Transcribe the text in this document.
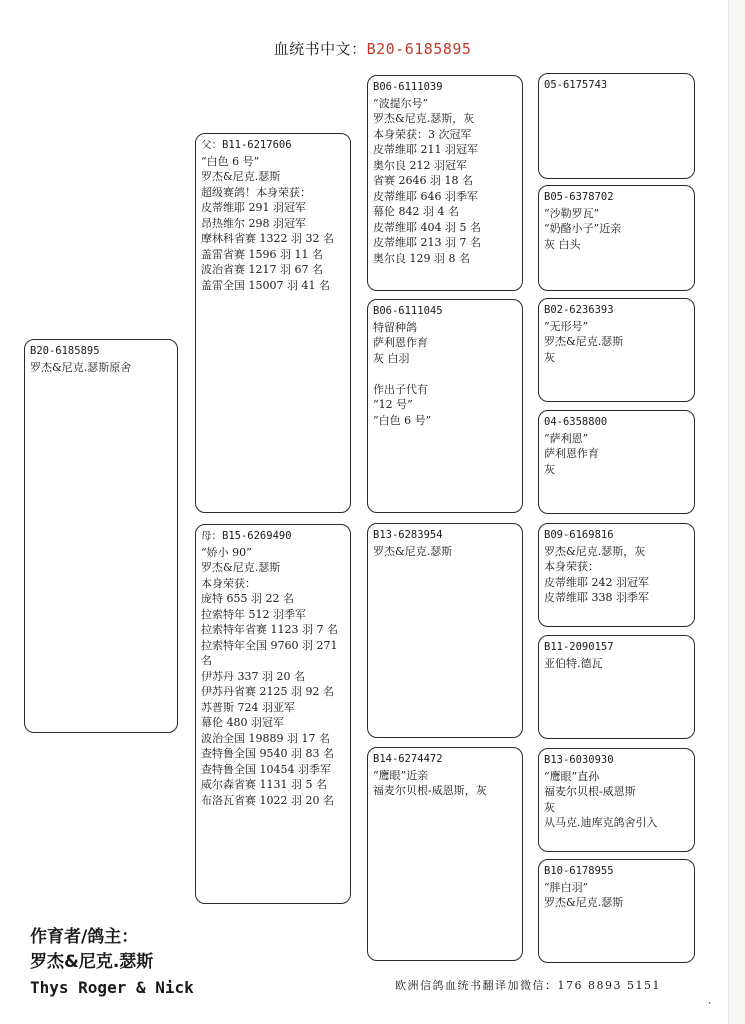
血统书中文：B20-6185895
B20-6185895
罗杰&尼克.瑟斯原舍
父：B11-6217606
“白色 6 号”
罗杰&尼克.瑟斯
超级赛鸽！本身荣获：
皮蒂维耶 291 羽冠军
昂热维尔 298 羽冠军
摩林科省赛 1322 羽 32 名
盖雷省赛 1596 羽 11 名
波治省赛 1217 羽 67 名
盖雷全国 15007 羽 41 名
母：B15-6269490
“娇小 90”
罗杰&尼克.瑟斯
本身荣获：
庞特 655 羽 22 名
拉索特年 512 羽季军
拉索特年省赛 1123 羽 7 名
拉索特年全国 9760 羽 271 名
伊苏丹 337 羽 20 名
伊苏丹省赛 2125 羽 92 名
苏普斯 724 羽亚军
幕伦 480 羽冠军
波治全国 19889 羽 17 名
查特鲁全国 9540 羽 83 名
查特鲁全国 10454 羽季军
威尔森省赛 1131 羽 5 名
布洛瓦省赛 1022 羽 20 名
B06-6111039
“波提尔号”
罗杰&尼克.瑟斯，灰
本身荣获：3 次冠军
皮蒂维耶 211 羽冠军
奥尔良 212 羽冠军
省赛 2646 羽 18 名
皮蒂维耶 646 羽季军
幕伦 842 羽 4 名
皮蒂维耶 404 羽 5 名
皮蒂维耶 213 羽 7 名
奥尔良 129 羽 8 名
B06-6111045
特留种鸽
萨利恩作育
灰 白羽
作出子代有
“12 号”
“白色 6 号”
B13-6283954
罗杰&尼克.瑟斯
B14-6274472
“鹰眼”近亲
福麦尔贝根-威恩斯，灰
05-6175743
B05-6378702
“沙勒罗瓦”
“奶酪小子”近亲
灰 白头
B02-6236393
“无形号”
罗杰&尼克.瑟斯
灰
04-6358800
“萨利恩”
萨利恩作育
灰
B09-6169816
罗杰&尼克.瑟斯，灰
本身荣获：
皮蒂维耶 242 羽冠军
皮蒂维耶 338 羽季军
B11-2090157
亚伯特.德瓦
B13-6030930
“鹰眼”直孙
福麦尔贝根-威恩斯
灰
从马克.迪库克鸽舍引入
B10-6178955
“胖白羽”
罗杰&尼克.瑟斯
作育者/鸽主：
罗杰&尼克.瑟斯
Thys Roger & Nick	欧洲信鸽血统书翻译加微信：176 8893 5151
⸳
